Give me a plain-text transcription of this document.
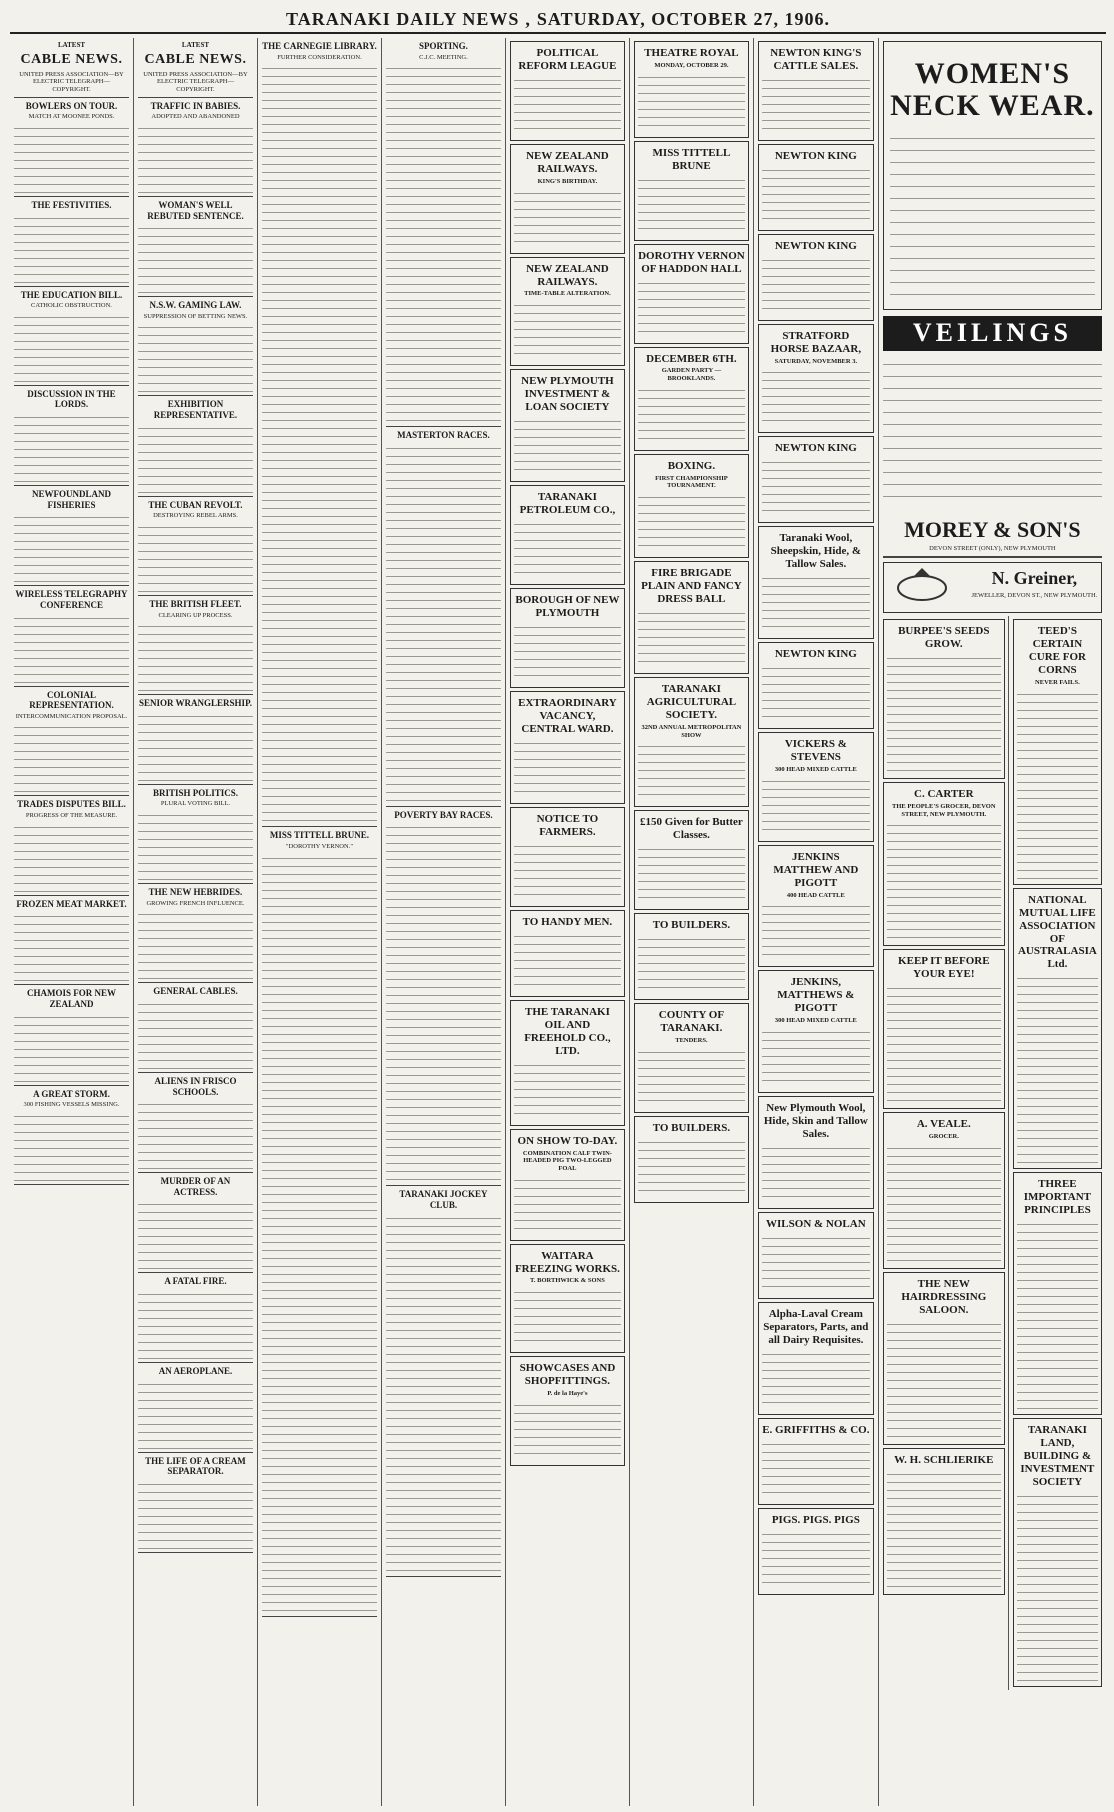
TARANAKI DAILY NEWS , SATURDAY, OCTOBER 27, 1906.
LATEST
CABLE NEWS.
UNITED PRESS ASSOCIATION—BY ELECTRIC TELEGRAPH—COPYRIGHT.
BOWLERS ON TOUR.
MATCH AT MOONEE PONDS.
THE FESTIVITIES.
THE EDUCATION BILL.
CATHOLIC OBSTRUCTION.
DISCUSSION IN THE LORDS.
NEWFOUNDLAND FISHERIES
WIRELESS TELEGRAPHY CONFERENCE
COLONIAL REPRESENTATION.
INTERCOMMUNICATION PROPOSAL.
TRADES DISPUTES BILL.
PROGRESS OF THE MEASURE.
FROZEN MEAT MARKET.
CHAMOIS FOR NEW ZEALAND
A GREAT STORM.
300 FISHING VESSELS MISSING.
LATEST
CABLE NEWS.
UNITED PRESS ASSOCIATION—BY ELECTRIC TELEGRAPH—COPYRIGHT.
TRAFFIC IN BABIES.
ADOPTED AND ABANDONED
WOMAN'S WELL REBUTED SENTENCE.
N.S.W. GAMING LAW.
SUPPRESSION OF BETTING NEWS.
EXHIBITION REPRESENTATIVE.
THE CUBAN REVOLT.
DESTROYING REBEL ARMS.
THE BRITISH FLEET.
CLEARING UP PROCESS.
SENIOR WRANGLERSHIP.
BRITISH POLITICS.
PLURAL VOTING BILL.
THE NEW HEBRIDES.
GROWING FRENCH INFLUENCE.
GENERAL CABLES.
ALIENS IN FRISCO SCHOOLS.
MURDER OF AN ACTRESS.
A FATAL FIRE.
AN AEROPLANE.
THE LIFE OF A CREAM SEPARATOR.
THE CARNEGIE LIBRARY.
FURTHER CONSIDERATION.
MISS TITTELL BRUNE.
"DOROTHY VERNON."
SPORTING.
C.J.C. MEETING.
MASTERTON RACES.
POVERTY BAY RACES.
TARANAKI JOCKEY CLUB.
POLITICAL REFORM LEAGUE
NEW ZEALAND RAILWAYS.
KING'S BIRTHDAY.
NEW ZEALAND RAILWAYS.
TIME-TABLE ALTERATION.
NEW PLYMOUTH INVESTMENT & LOAN SOCIETY
TARANAKI PETROLEUM CO.,
BOROUGH OF NEW PLYMOUTH
EXTRAORDINARY VACANCY, CENTRAL WARD.
NOTICE TO FARMERS.
TO HANDY MEN.
THE TARANAKI OIL AND FREEHOLD CO., LTD.
ON SHOW TO-DAY.
COMBINATION CALF TWIN-HEADED PIG TWO-LEGGED FOAL
WAITARA FREEZING WORKS.
T. BORTHWICK & SONS
SHOWCASES AND SHOPFITTINGS.
P. de la Haye's
THEATRE ROYAL
MONDAY, OCTOBER 29.
MISS TITTELL BRUNE
DOROTHY VERNON OF HADDON HALL
DECEMBER 6TH.
GARDEN PARTY — BROOKLANDS.
BOXING.
FIRST CHAMPIONSHIP TOURNAMENT.
FIRE BRIGADE PLAIN AND FANCY DRESS BALL
TARANAKI AGRICULTURAL SOCIETY.
32ND ANNUAL METROPOLITAN SHOW
£150 Given for Butter Classes.
TO BUILDERS.
COUNTY OF TARANAKI.
TENDERS.
TO BUILDERS.
NEWTON KING'S CATTLE SALES.
NEWTON KING
NEWTON KING
STRATFORD HORSE BAZAAR,
SATURDAY, NOVEMBER 3.
NEWTON KING
Taranaki Wool, Sheepskin, Hide, & Tallow Sales.
NEWTON KING
VICKERS & STEVENS
300 HEAD MIXED CATTLE
JENKINS MATTHEW AND PIGOTT
400 HEAD CATTLE
JENKINS, MATTHEWS & PIGOTT
300 HEAD MIXED CATTLE
New Plymouth Wool, Hide, Skin and Tallow Sales.
WILSON & NOLAN
Alpha-Laval Cream Separators, Parts, and all Dairy Requisites.
E. GRIFFITHS & CO.
PIGS. PIGS. PIGS
WOMEN'S NECK WEAR.
VEILINGS
MOREY & SON'S
DEVON STREET (ONLY), NEW PLYMOUTH
N. Greiner,
JEWELLER, DEVON ST., NEW PLYMOUTH.
BURPEE'S SEEDS GROW.
C. CARTER
THE PEOPLE'S GROCER, DEVON STREET, NEW PLYMOUTH.
KEEP IT BEFORE YOUR EYE!
A. VEALE.
GROCER.
THE NEW HAIRDRESSING SALOON.
W. H. SCHLIERIKE
TEED'S CERTAIN CURE FOR CORNS
NEVER FAILS.
NATIONAL MUTUAL LIFE ASSOCIATION OF AUSTRALASIA Ltd.
THREE IMPORTANT PRINCIPLES
TARANAKI LAND, BUILDING & INVESTMENT SOCIETY
